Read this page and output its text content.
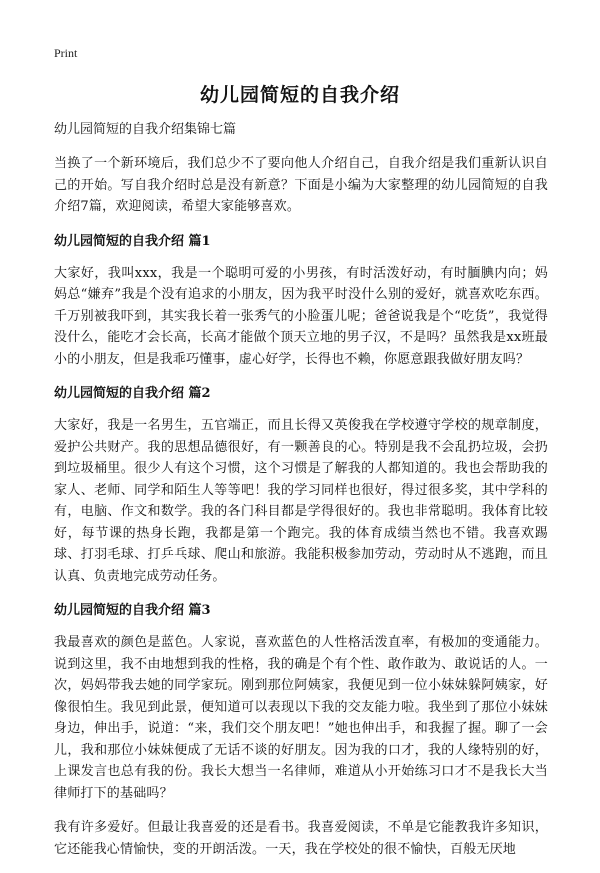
Print
幼儿园简短的自我介绍

幼儿园简短的自我介绍集锦七篇

当换了一个新环境后，我们总少不了要向他人介绍自己，自我介绍是我们重新认识自己的开始。写自我介绍时总是没有新意？下面是小编为大家整理的幼儿园简短的自我介绍7篇，欢迎阅读，希望大家能够喜欢。

幼儿园简短的自我介绍 篇1

大家好，我叫xxx，我是一个聪明可爱的小男孩，有时活泼好动，有时腼腆内向；妈妈总“嫌弃”我是个没有追求的小朋友，因为我平时没什么别的爱好，就喜欢吃东西。千万别被我吓到，其实我长着一张秀气的小脸蛋儿呢；爸爸说我是个“吃货”，我觉得没什么，能吃才会长高，长高才能做个顶天立地的男子汉，不是吗？虽然我是xx班最小的小朋友，但是我乖巧懂事，虚心好学，长得也不赖，你愿意跟我做好朋友吗？

幼儿园简短的自我介绍 篇2

大家好，我是一名男生，五官端正，而且长得又英俊我在学校遵守学校的规章制度，爱护公共财产。我的思想品德很好，有一颗善良的心。特别是我不会乱扔垃圾，会扔到垃圾桶里。很少人有这个习惯，这个习惯是了解我的人都知道的。我也会帮助我的家人、老师、同学和陌生人等等吧！我的学习同样也很好，得过很多奖，其中学科的有，电脑、作文和数学。我的各门科目都是学得很好的。我也非常聪明。我体育比较好，每节课的热身长跑，我都是第一个跑完。我的体育成绩当然也不错。我喜欢踢球、打羽毛球、打乒乓球、爬山和旅游。我能积极参加劳动，劳动时从不逃跑，而且认真、负责地完成劳动任务。

幼儿园简短的自我介绍 篇3

我最喜欢的颜色是蓝色。人家说，喜欢蓝色的人性格活泼直率，有极加的变通能力。说到这里，我不由地想到我的性格，我的确是个有个性、敢作敢为、敢说话的人。一次，妈妈带我去她的同学家玩。刚到那位阿姨家，我便见到一位小妹妹躲阿姨家，好像很怕生。我见到此景，便知道可以表现以下我的交友能力啦。我坐到了那位小妹妹身边，伸出手，说道：“来，我们交个朋友吧！”她也伸出手，和我握了握。聊了一会儿，我和那位小妹妹便成了无话不谈的好朋友。因为我的口才，我的人缘特别的好，上课发言也总有我的份。我长大想当一名律师，难道从小开始练习口才不是我长大当律师打下的基础吗？

我有许多爱好。但最让我喜爱的还是看书。我喜爱阅读，不单是它能教我许多知识，它还能我心情愉快，变的开朗活泼。一天，我在学校处的很不愉快，百般无厌地
